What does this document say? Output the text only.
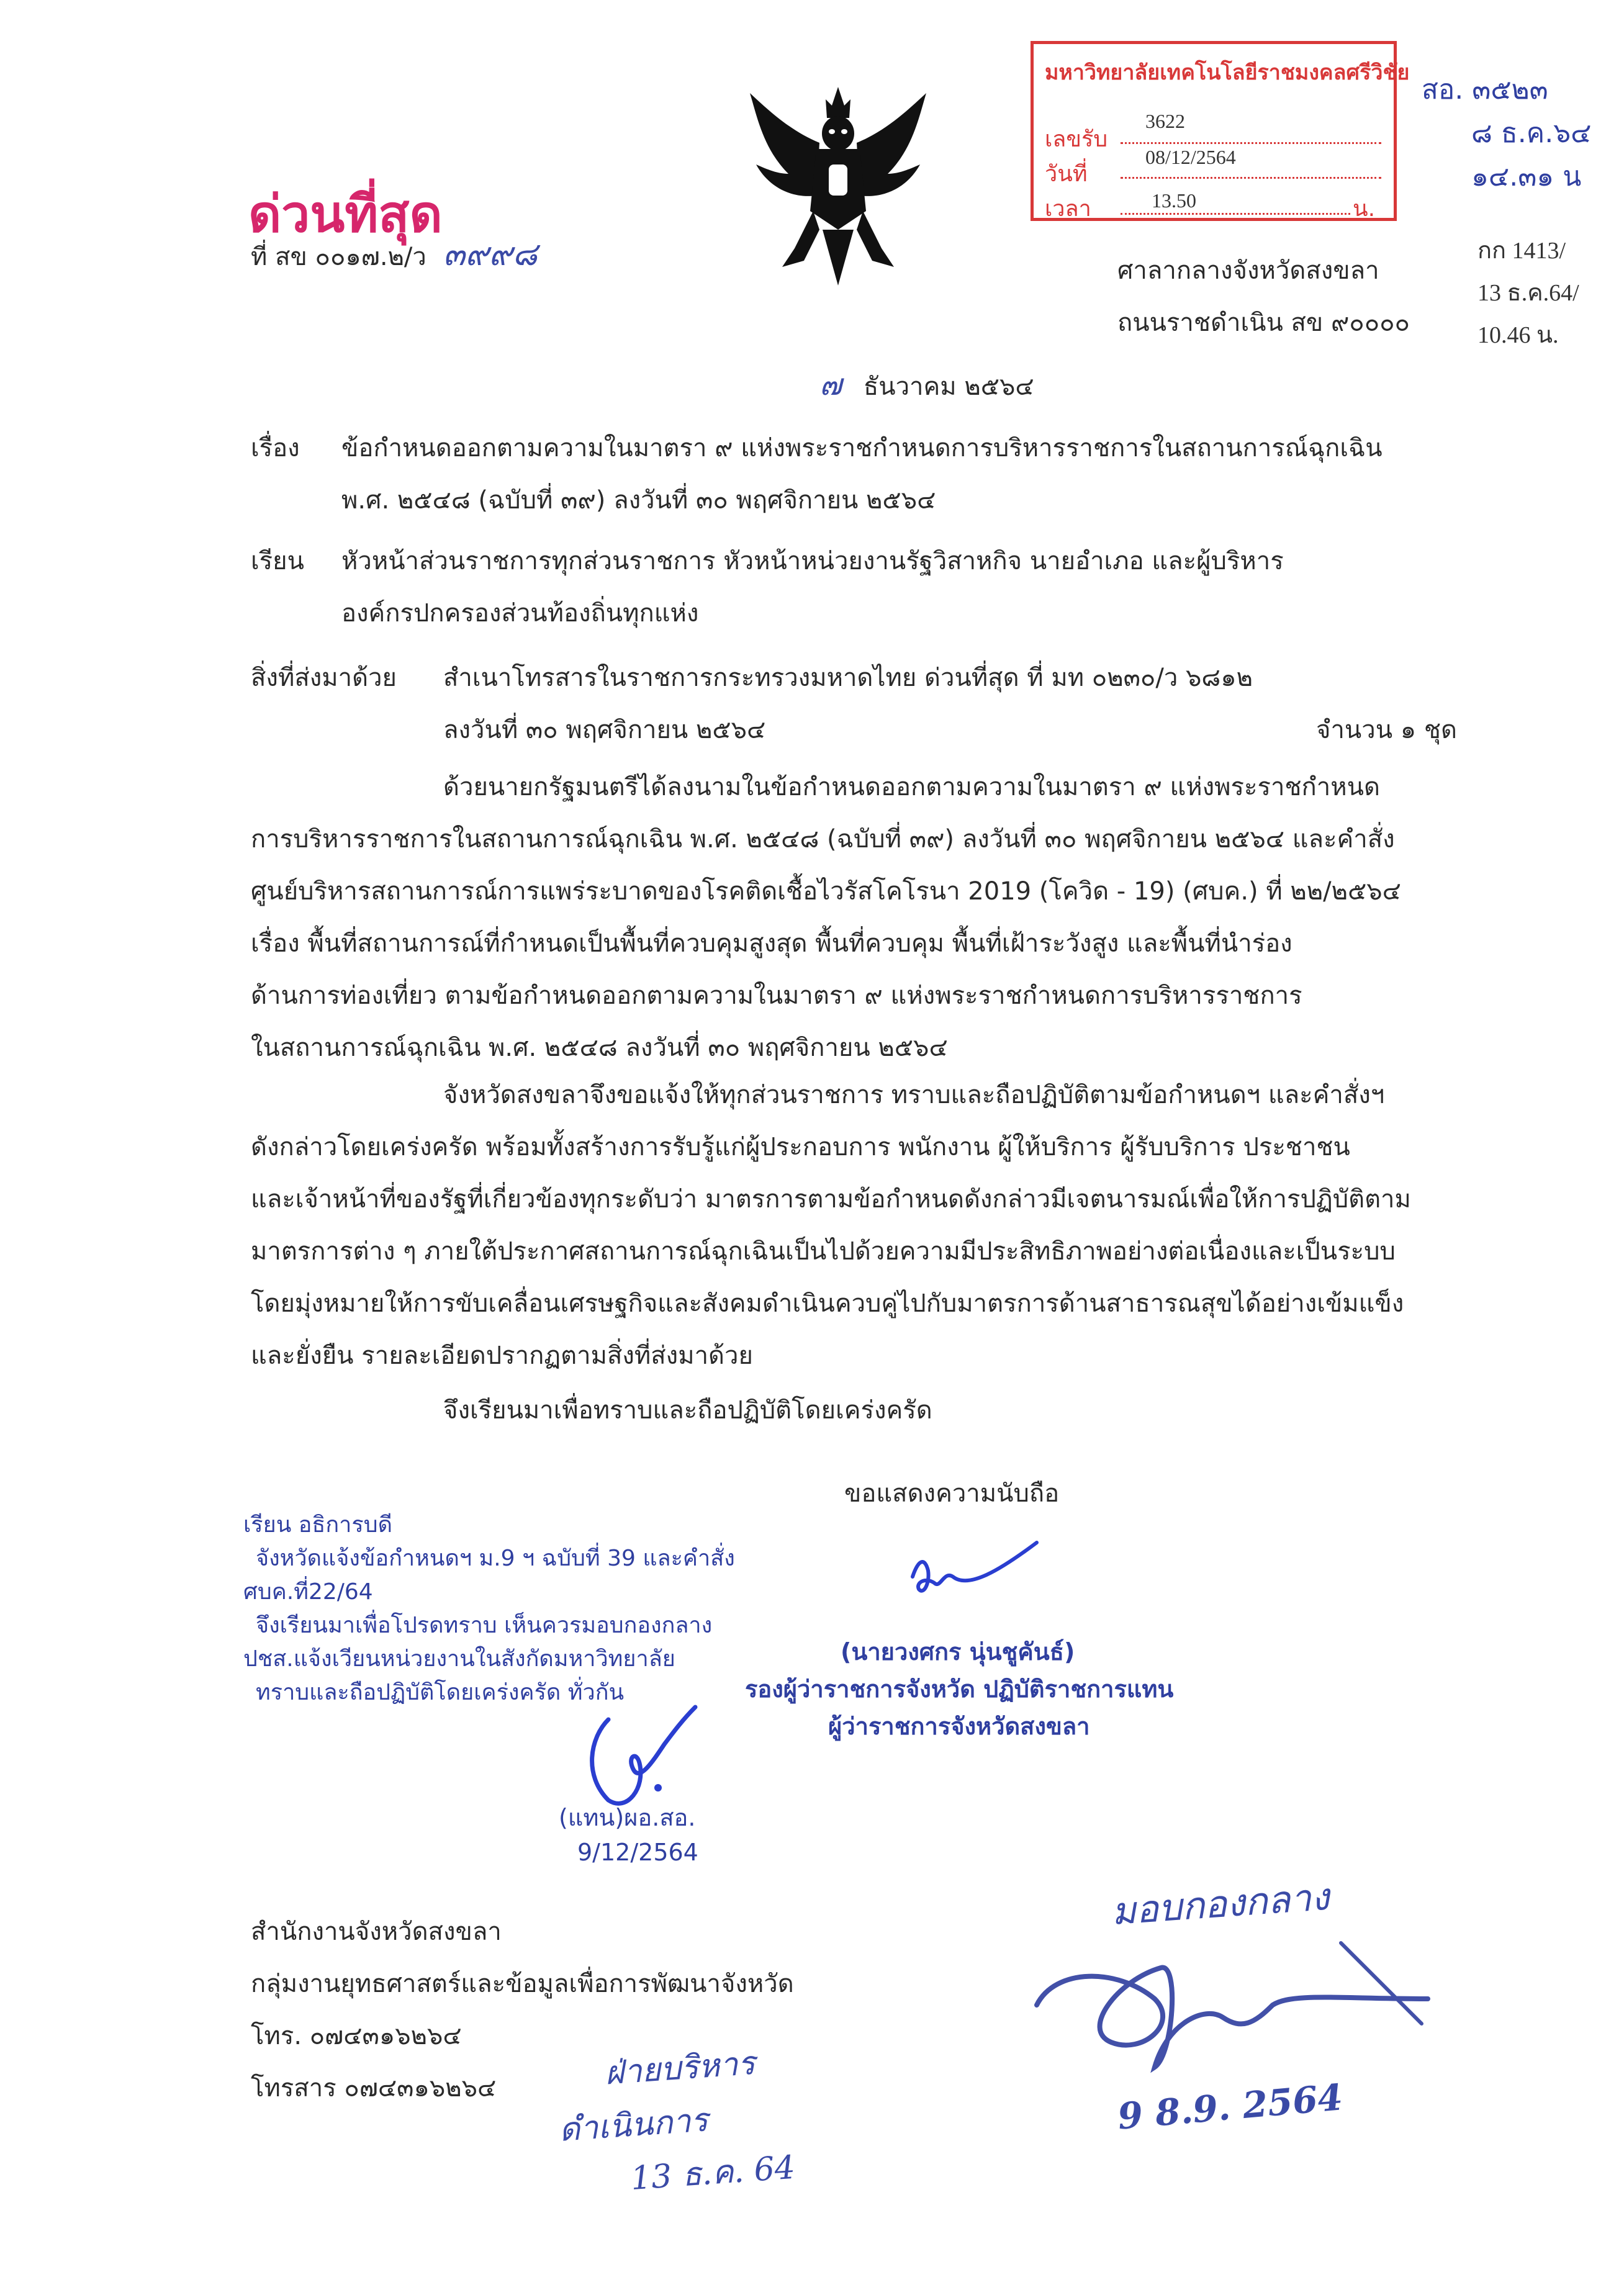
ด่วนที่สุด
ที่ สข ๐๐๑๗.๒/ว ๓๙๙๘
มหาวิทยาลัยเทคโนโลยีราชมงคลศรีวิชัย
เลขรับ
3622
วันที่
08/12/2564
เวลา	13.50	น.
สอ. ๓๕๒๓
๘ ธ.ค.๖๔
๑๔.๓๑ น
กก 1413/
13 ธ.ค.64/
10.46 น.
ศาลากลางจังหวัดสงขลา
ถนนราชดำเนิน สข ๙๐๐๐๐
๗ ธันวาคม ๒๕๖๔
เรื่อง ข้อกำหนดออกตามความในมาตรา ๙ แห่งพระราชกำหนดการบริหารราชการในสถานการณ์ฉุกเฉิน
พ.ศ. ๒๕๔๘ (ฉบับที่ ๓๙) ลงวันที่ ๓๐ พฤศจิกายน ๒๕๖๔
เรียน หัวหน้าส่วนราชการทุกส่วนราชการ หัวหน้าหน่วยงานรัฐวิสาหกิจ นายอำเภอ และผู้บริหาร
องค์กรปกครองส่วนท้องถิ่นทุกแห่ง
สิ่งที่ส่งมาด้วย สำเนาโทรสารในราชการกระทรวงมหาดไทย ด่วนที่สุด ที่ มท ๐๒๓๐/ว ๖๘๑๒
ลงวันที่ ๓๐ พฤศจิกายน ๒๕๖๔	จำนวน ๑ ชุด
ด้วยนายกรัฐมนตรีได้ลงนามในข้อกำหนดออกตามความในมาตรา ๙ แห่งพระราชกำหนด
การบริหารราชการในสถานการณ์ฉุกเฉิน พ.ศ. ๒๕๔๘ (ฉบับที่ ๓๙) ลงวันที่ ๓๐ พฤศจิกายน ๒๕๖๔ และคำสั่ง
ศูนย์บริหารสถานการณ์การแพร่ระบาดของโรคติดเชื้อไวรัสโคโรนา 2019 (โควิด - 19) (ศบค.) ที่ ๒๒/๒๕๖๔
เรื่อง พื้นที่สถานการณ์ที่กำหนดเป็นพื้นที่ควบคุมสูงสุด พื้นที่ควบคุม พื้นที่เฝ้าระวังสูง และพื้นที่นำร่อง
ด้านการท่องเที่ยว ตามข้อกำหนดออกตามความในมาตรา ๙ แห่งพระราชกำหนดการบริหารราชการ
ในสถานการณ์ฉุกเฉิน พ.ศ. ๒๕๔๘ ลงวันที่ ๓๐ พฤศจิกายน ๒๕๖๔
จังหวัดสงขลาจึงขอแจ้งให้ทุกส่วนราชการ ทราบและถือปฏิบัติตามข้อกำหนดฯ และคำสั่งฯ
ดังกล่าวโดยเคร่งครัด พร้อมทั้งสร้างการรับรู้แก่ผู้ประกอบการ พนักงาน ผู้ให้บริการ ผู้รับบริการ ประชาชน
และเจ้าหน้าที่ของรัฐที่เกี่ยวข้องทุกระดับว่า มาตรการตามข้อกำหนดดังกล่าวมีเจตนารมณ์เพื่อให้การปฏิบัติตาม
มาตรการต่าง ๆ ภายใต้ประกาศสถานการณ์ฉุกเฉินเป็นไปด้วยความมีประสิทธิภาพอย่างต่อเนื่องและเป็นระบบ
โดยมุ่งหมายให้การขับเคลื่อนเศรษฐกิจและสังคมดำเนินควบคู่ไปกับมาตรการด้านสาธารณสุขได้อย่างเข้มแข็ง
และยั่งยืน รายละเอียดปรากฏตามสิ่งที่ส่งมาด้วย
จึงเรียนมาเพื่อทราบและถือปฏิบัติโดยเคร่งครัด
ขอแสดงความนับถือ
(นายวงศกร นุ่นชูคันธ์)
รองผู้ว่าราชการจังหวัด ปฏิบัติราชการแทน
ผู้ว่าราชการจังหวัดสงขลา
เรียน อธิการบดี
จังหวัดแจ้งข้อกำหนดฯ ม.9 ฯ ฉบับที่ 39 และคำสั่ง
ศบค.ที่22/64
จึงเรียนมาเพื่อโปรดทราบ เห็นควรมอบกองกลาง
ปชส.แจ้งเวียนหน่วยงานในสังกัดมหาวิทยาลัย
ทราบและถือปฏิบัติโดยเคร่งครัด ทั่วกัน
(แทน)ผอ.สอ.
9/12/2564
สำนักงานจังหวัดสงขลา
กลุ่มงานยุทธศาสตร์และข้อมูลเพื่อการพัฒนาจังหวัด
โทร. ๐๗๔๓๑๖๒๖๔
โทรสาร ๐๗๔๓๑๖๒๖๔
มอบกองกลาง
9 8.9. 2564
ฝ่ายบริหาร
ดำเนินการ
13 ธ.ค. 64
